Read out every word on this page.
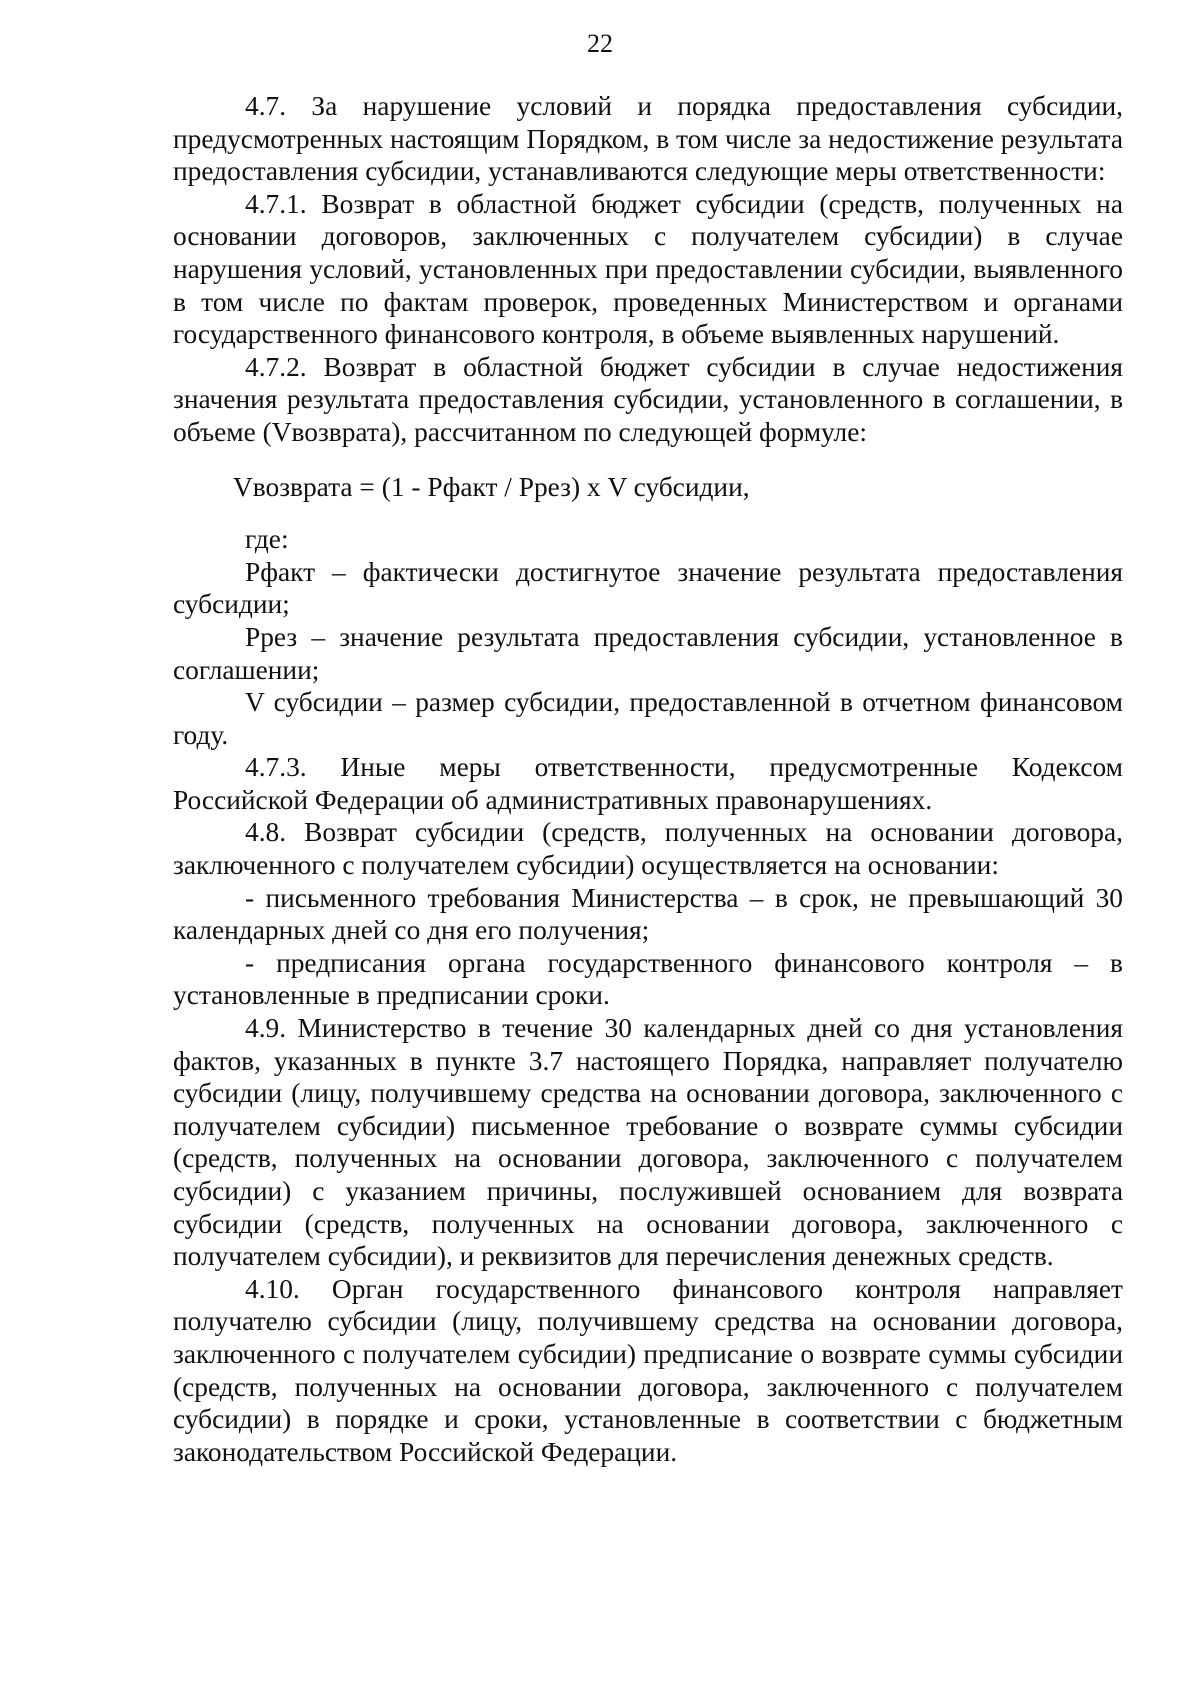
22

4.7. За нарушение условий и порядка предоставления субсидии, предусмотренных настоящим Порядком, в том числе за недостижение результата предоставления субсидии, устанавливаются следующие меры ответственности:

4.7.1. Возврат в областной бюджет субсидии (средств, полученных на основании договоров, заключенных с получателем субсидии) в случае нарушения условий, установленных при предоставлении субсидии, выявленного в том числе по фактам проверок, проведенных Министерством и органами государственного финансового контроля, в объеме выявленных нарушений.

4.7.2. Возврат в областной бюджет субсидии в случае недостижения значения результата предоставления субсидии, установленного в соглашении, в объеме (Vвозврата), рассчитанном по следующей формуле:

Vвозврата = (1 - Рфакт / Ррез) х V субсидии,

где:

Рфакт – фактически достигнутое значение результата предоставления субсидии;

Ррез – значение результата предоставления субсидии, установленное в соглашении;

V субсидии – размер субсидии, предоставленной в отчетном финансовом году.

4.7.3. Иные меры ответственности, предусмотренные Кодексом Российской Федерации об административных правонарушениях.

4.8. Возврат субсидии (средств, полученных на основании договора, заключенного с получателем субсидии) осуществляется на основании:

- письменного требования Министерства – в срок, не превышающий 30 календарных дней со дня его получения;

- предписания органа государственного финансового контроля – в установленные в предписании сроки.

4.9. Министерство в течение 30 календарных дней со дня установления фактов, указанных в пункте 3.7 настоящего Порядка, направляет получателю субсидии (лицу, получившему средства на основании договора, заключенного с получателем субсидии) письменное требование о возврате суммы субсидии (средств, полученных на основании договора, заключенного с получателем субсидии) с указанием причины, послужившей основанием для возврата субсидии (средств, полученных на основании договора, заключенного с получателем субсидии), и реквизитов для перечисления денежных средств.

4.10. Орган государственного финансового контроля направляет получателю субсидии (лицу, получившему средства на основании договора, заключенного с получателем субсидии) предписание о возврате суммы субсидии (средств, полученных на основании договора, заключенного с получателем субсидии) в порядке и сроки, установленные в соответствии с бюджетным законодательством Российской Федерации.
